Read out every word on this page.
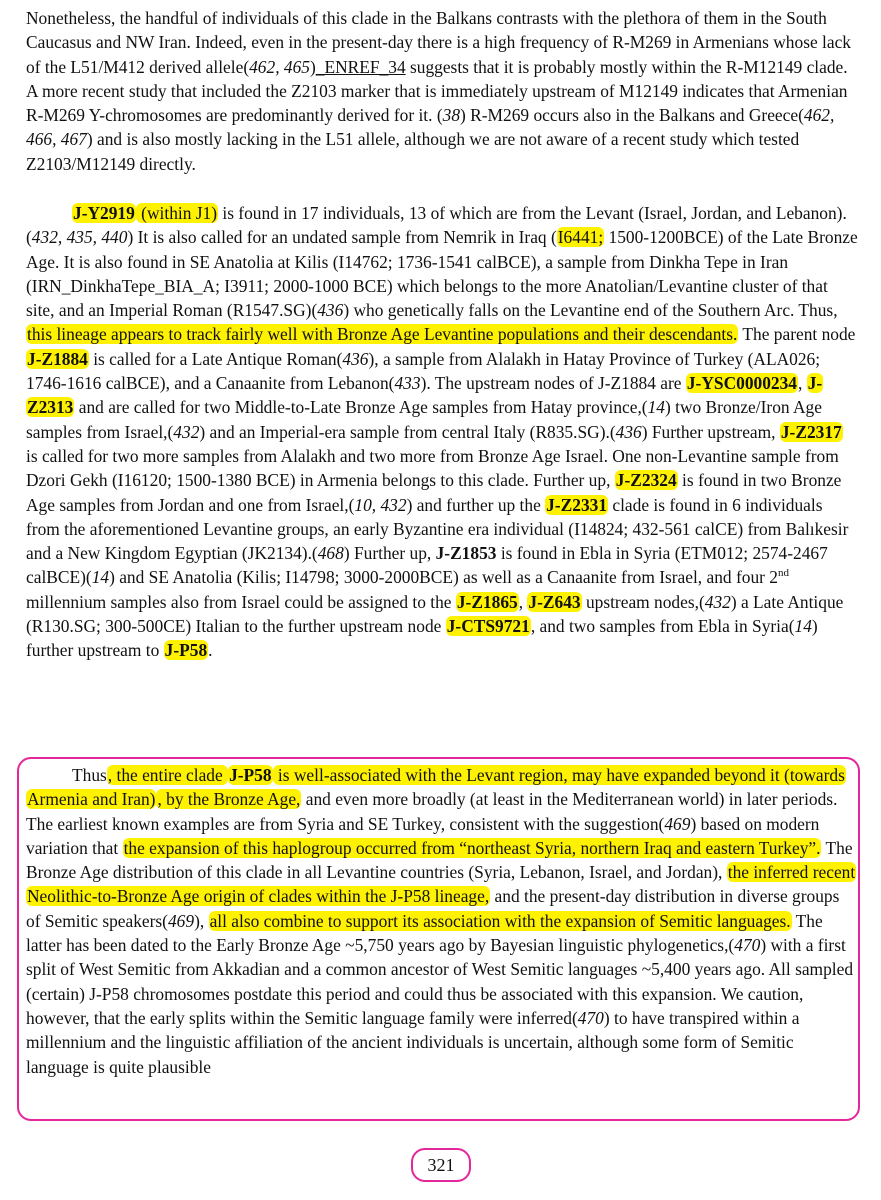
Nonetheless, the handful of individuals of this clade in the Balkans contrasts with the plethora of them in the South Caucasus and NW Iran. Indeed, even in the present-day there is a high frequency of R-M269 in Armenians whose lack of the L51/M412 derived allele(462, 465)_ENREF_34 suggests that it is probably mostly within the R-M12149 clade. A more recent study that included the Z2103 marker that is immediately upstream of M12149 indicates that Armenian R-M269 Y-chromosomes are predominantly derived for it. (38) R-M269 occurs also in the Balkans and Greece(462, 466, 467) and is also mostly lacking in the L51 allele, although we are not aware of a recent study which tested Z2103/M12149 directly.

J-Y2919 (within J1) is found in 17 individuals, 13 of which are from the Levant (Israel, Jordan, and Lebanon).(432, 435, 440) It is also called for an undated sample from Nemrik in Iraq (I6441; 1500-1200BCE) of the Late Bronze Age. It is also found in SE Anatolia at Kilis (I14762; 1736-1541 calBCE), a sample from Dinkha Tepe in Iran (IRN_DinkhaTepe_BIA_A; I3911; 2000-1000 BCE) which belongs to the more Anatolian/Levantine cluster of that site, and an Imperial Roman (R1547.SG)(436) who genetically falls on the Levantine end of the Southern Arc. Thus, this lineage appears to track fairly well with Bronze Age Levantine populations and their descendants. The parent node J-Z1884 is called for a Late Antique Roman(436), a sample from Alalakh in Hatay Province of Turkey (ALA026; 1746-1616 calBCE), and a Canaanite from Lebanon(433). The upstream nodes of J-Z1884 are J-YSC0000234, J-Z2313 and are called for two Middle-to-Late Bronze Age samples from Hatay province,(14) two Bronze/Iron Age samples from Israel,(432) and an Imperial-era sample from central Italy (R835.SG).(436) Further upstream, J-Z2317 is called for two more samples from Alalakh and two more from Bronze Age Israel. One non-Levantine sample from Dzori Gekh (I16120; 1500-1380 BCE) in Armenia belongs to this clade. Further up, J-Z2324 is found in two Bronze Age samples from Jordan and one from Israel,(10, 432) and further up the J-Z2331 clade is found in 6 individuals from the aforementioned Levantine groups, an early Byzantine era individual (I14824; 432-561 calCE) from Balıkesir and a New Kingdom Egyptian (JK2134).(468) Further up, J-Z1853 is found in Ebla in Syria (ETM012; 2574-2467 calBCE)(14) and SE Anatolia (Kilis; I14798; 3000-2000BCE) as well as a Canaanite from Israel, and four 2nd millennium samples also from Israel could be assigned to the J-Z1865, J-Z643 upstream nodes,(432) a Late Antique (R130.SG; 300-500CE) Italian to the further upstream node J-CTS9721, and two samples from Ebla in Syria(14) further upstream to J-P58.

Thus, the entire clade J-P58 is well-associated with the Levant region, may have expanded beyond it (towards Armenia and Iran) , by the Bronze Age, and even more broadly (at least in the Mediterranean world) in later periods. The earliest known examples are from Syria and SE Turkey, consistent with the suggestion(469) based on modern variation that the expansion of this haplogroup occurred from “northeast Syria, northern Iraq and eastern Turkey”. The Bronze Age distribution of this clade in all Levantine countries (Syria, Lebanon, Israel, and Jordan), the inferred recent Neolithic-to-Bronze Age origin of clades within the J-P58 lineage, and the present-day distribution in diverse groups of Semitic speakers(469), all also combine to support its association with the expansion of Semitic languages. The latter has been dated to the Early Bronze Age ~5,750 years ago by Bayesian linguistic phylogenetics,(470) with a first split of West Semitic from Akkadian and a common ancestor of West Semitic languages ~5,400 years ago. All sampled (certain) J-P58 chromosomes postdate this period and could thus be associated with this expansion. We caution, however, that the early splits within the Semitic language family were inferred(470) to have transpired within a millennium and the linguistic affiliation of the ancient individuals is uncertain, although some form of Semitic language is quite plausible

321
